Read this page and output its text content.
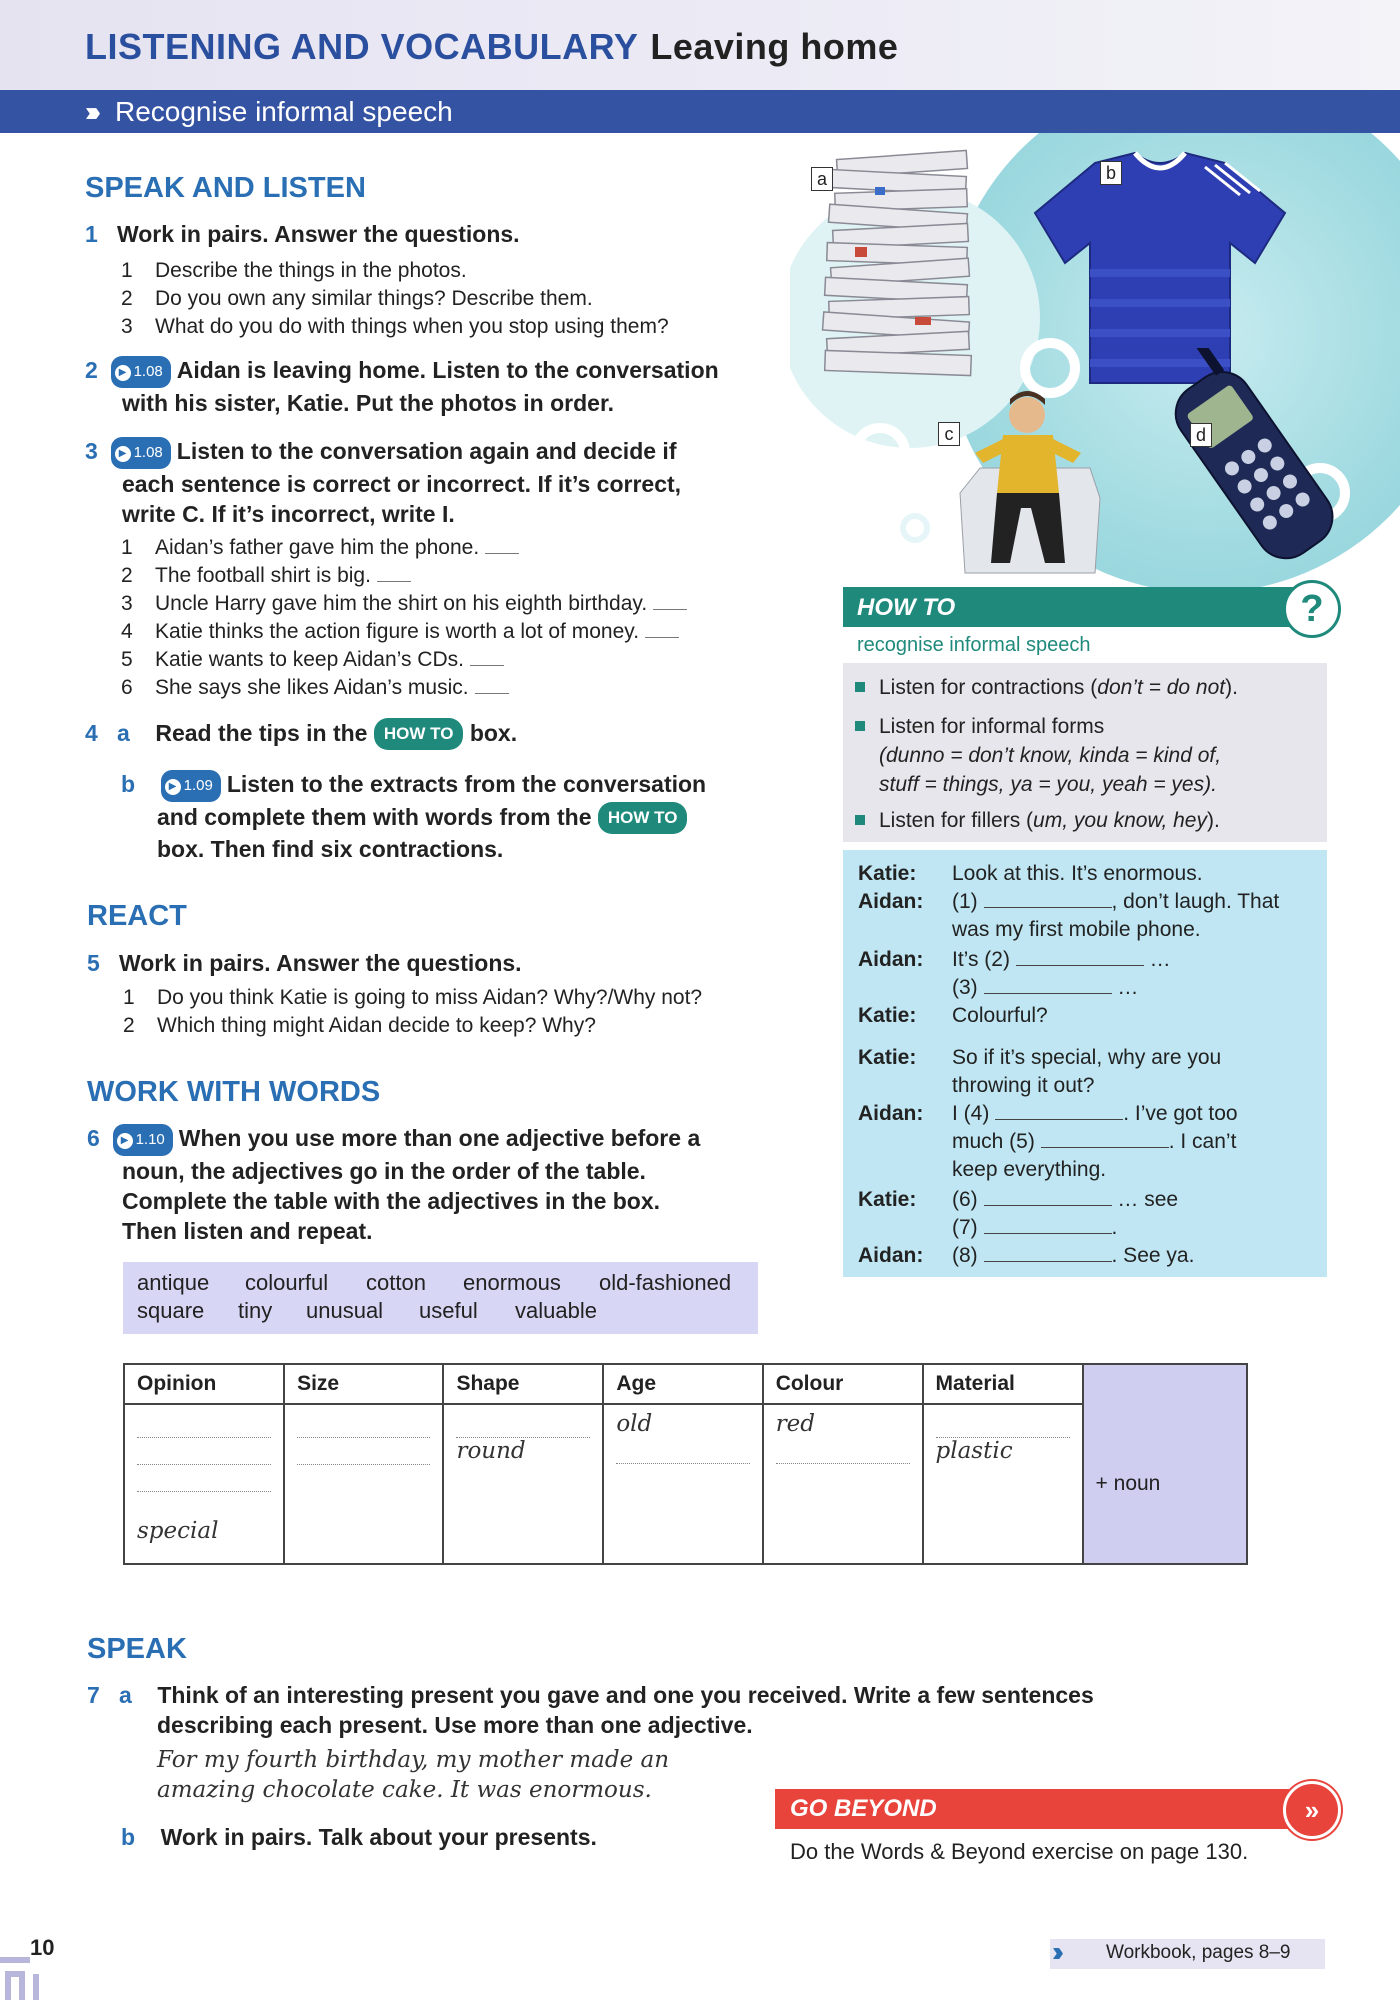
LISTENING AND VOCABULARY Leaving home
››› Recognise informal speech
SPEAK AND LISTEN
1 Work in pairs. Answer the questions.
1 Describe the things in the photos.
2 Do you own any similar things? Describe them.
3 What do you do with things when you stop using them?
2 ▶ 1.08 Aidan is leaving home. Listen to the conversation
with his sister, Katie. Put the photos in order.
3 ▶ 1.08 Listen to the conversation again and decide if
each sentence is correct or incorrect. If it’s correct,
write C. If it’s incorrect, write I.
1 Aidan’s father gave him the phone.
2 The football shirt is big.
3 Uncle Harry gave him the shirt on his eighth birthday.
4 Katie thinks the action figure is worth a lot of money.
5 Katie wants to keep Aidan’s CDs.
6 She says she likes Aidan’s music.
4 a Read the tips in the HOW TO box.
b	▶ 1.09 Listen to the extracts from the conversation
and complete them with words from the HOW TO
box. Then find six contractions.
REACT
5 Work in pairs. Answer the questions.
1 Do you think Katie is going to miss Aidan? Why?/Why not?
2 Which thing might Aidan decide to keep? Why?
WORK WITH WORDS
6 ▶ 1.10 When you use more than one adjective before a
noun, the adjectives go in the order of the table.
Complete the table with the adjectives in the box.
Then listen and repeat.
antique colourful cotton enormous old-fashioned
square tiny unusual useful valuable
Opinion	Size	Shape	Age	Colour	Material	

special		round	old	red	plastic	+ noun
a	b
c	d
HOW TO	?
recognise informal speech
Listen for contractions (don’t = do not).
Listen for informal forms
(dunno = don’t know, kinda = kind of,
stuff = things, ya = you, yeah = yes).
Listen for fillers (um, you know, hey).
Katie: Look at this. It’s enormous.
Aidan: (1)	, don’t laugh. That
was my first mobile phone.
Aidan: It’s (2)	…
(3)	…
Katie: Colourful?
Katie: So if it’s special, why are you
throwing it out?
Aidan: I (4)	. I’ve got too
much (5)	. I can’t
keep everything.
Katie: (6)	… see
(7)	.
Aidan: (8)	. See ya.
SPEAK
7 a Think of an interesting present you gave and one you received. Write a few sentences
describing each present. Use more than one adjective.
For my fourth birthday, my mother made an
amazing chocolate cake. It was enormous.
b Work in pairs. Talk about your presents.
GO BEYOND	»
Do the Words & Beyond exercise on page 130.
10	›››	Workbook, pages 8–9
